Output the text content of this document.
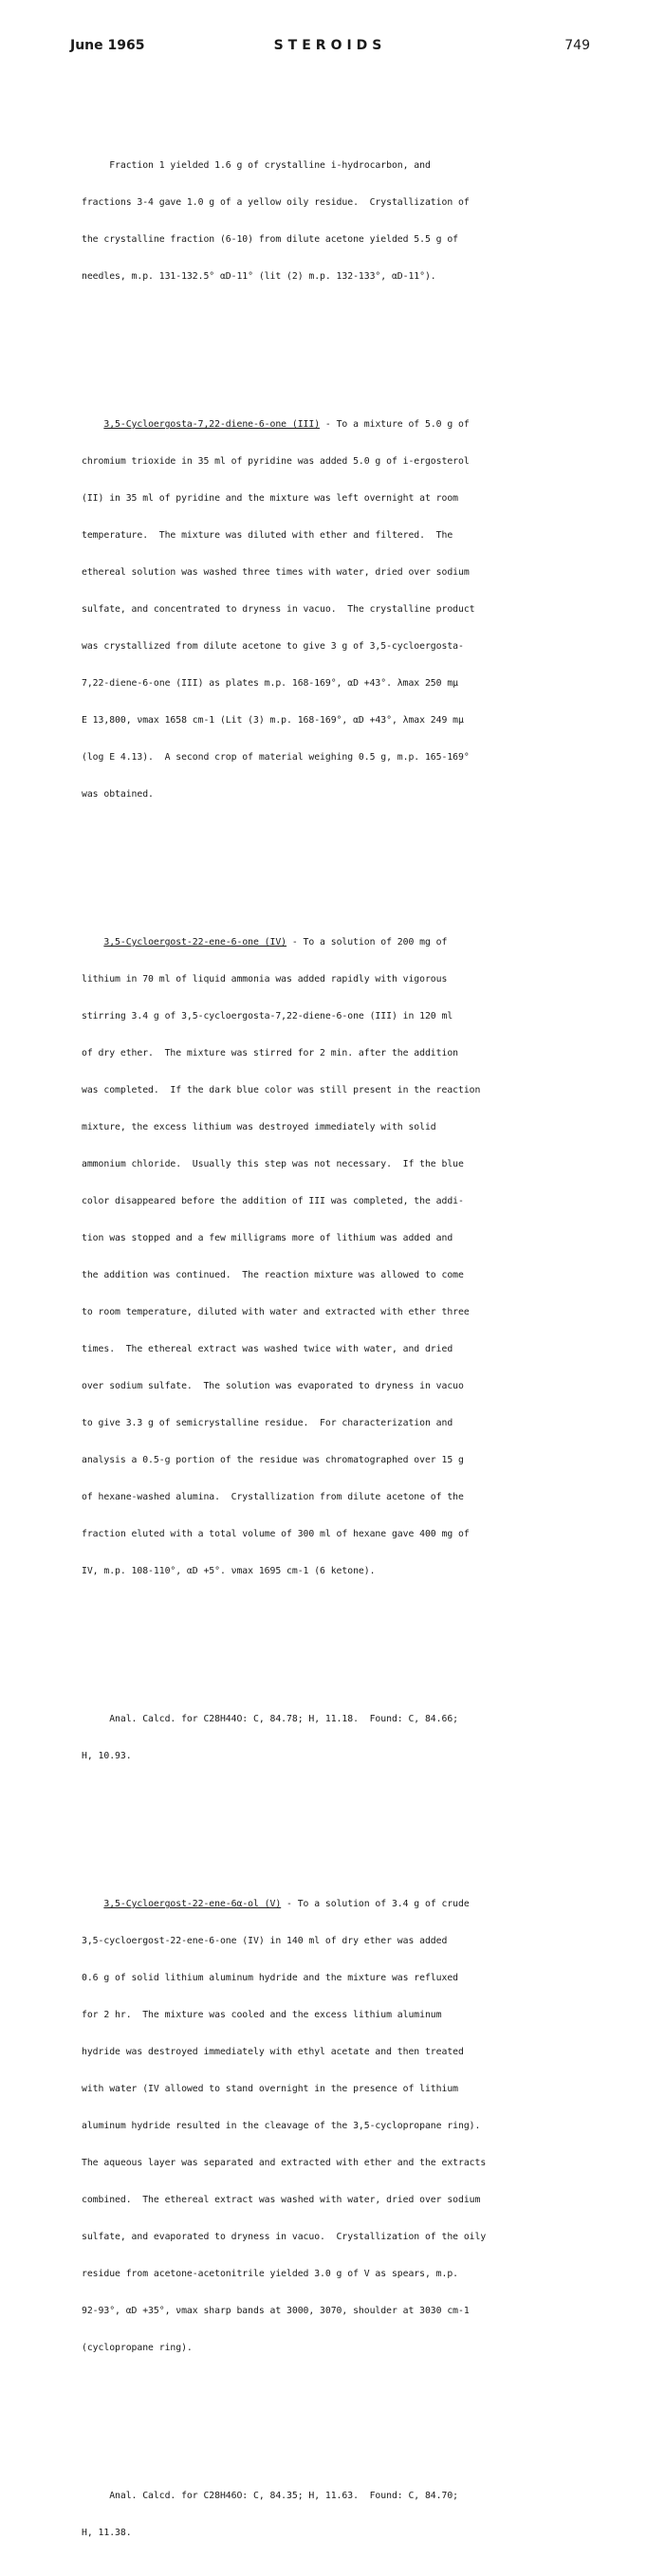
June 1965	STEROIDS	749

Fraction 1 yielded 1.6 g of crystalline i-hydrocarbon, and

fractions 3-4 gave 1.0 g of a yellow oily residue.  Crystallization of

the crystalline fraction (6-10) from dilute acetone yielded 5.5 g of

needles, m.p. 131-132.5° αD-11° (lit (2) m.p. 132-133°, αD-11°).

3,5-Cycloergosta-7,22-diene-6-one (III) - To a mixture of 5.0 g of

chromium trioxide in 35 ml of pyridine was added 5.0 g of i-ergosterol

(II) in 35 ml of pyridine and the mixture was left overnight at room

temperature.  The mixture was diluted with ether and filtered.  The

ethereal solution was washed three times with water, dried over sodium

sulfate, and concentrated to dryness in vacuo.  The crystalline product

was crystallized from dilute acetone to give 3 g of 3,5-cycloergosta-

7,22-diene-6-one (III) as plates m.p. 168-169°, αD +43°. λmax 250 mμ

E 13,800, νmax 1658 cm-1 (Lit (3) m.p. 168-169°, αD +43°, λmax 249 mμ

(log E 4.13).  A second crop of material weighing 0.5 g, m.p. 165-169°

was obtained.

3,5-Cycloergost-22-ene-6-one (IV) - To a solution of 200 mg of

lithium in 70 ml of liquid ammonia was added rapidly with vigorous

stirring 3.4 g of 3,5-cycloergosta-7,22-diene-6-one (III) in 120 ml

of dry ether.  The mixture was stirred for 2 min. after the addition

was completed.  If the dark blue color was still present in the reaction

mixture, the excess lithium was destroyed immediately with solid

ammonium chloride.  Usually this step was not necessary.  If the blue

color disappeared before the addition of III was completed, the addi-

tion was stopped and a few milligrams more of lithium was added and

the addition was continued.  The reaction mixture was allowed to come

to room temperature, diluted with water and extracted with ether three

times.  The ethereal extract was washed twice with water, and dried

over sodium sulfate.  The solution was evaporated to dryness in vacuo

to give 3.3 g of semicrystalline residue.  For characterization and

analysis a 0.5-g portion of the residue was chromatographed over 15 g

of hexane-washed alumina.  Crystallization from dilute acetone of the

fraction eluted with a total volume of 300 ml of hexane gave 400 mg of

IV, m.p. 108-110°, αD +5°. νmax 1695 cm-1 (6 ketone).

Anal. Calcd. for C28H44O: C, 84.78; H, 11.18.  Found: C, 84.66;

H, 10.93.

3,5-Cycloergost-22-ene-6α-ol (V) - To a solution of 3.4 g of crude

3,5-cycloergost-22-ene-6-one (IV) in 140 ml of dry ether was added

0.6 g of solid lithium aluminum hydride and the mixture was refluxed

for 2 hr.  The mixture was cooled and the excess lithium aluminum

hydride was destroyed immediately with ethyl acetate and then treated

with water (IV allowed to stand overnight in the presence of lithium

aluminum hydride resulted in the cleavage of the 3,5-cyclopropane ring).

The aqueous layer was separated and extracted with ether and the extracts

combined.  The ethereal extract was washed with water, dried over sodium

sulfate, and evaporated to dryness in vacuo.  Crystallization of the oily

residue from acetone-acetonitrile yielded 3.0 g of V as spears, m.p.

92-93°, αD +35°, νmax sharp bands at 3000, 3070, shoulder at 3030 cm-1

(cyclopropane ring).

Anal. Calcd. for C28H46O: C, 84.35; H, 11.63.  Found: C, 84.70;

H, 11.38.
